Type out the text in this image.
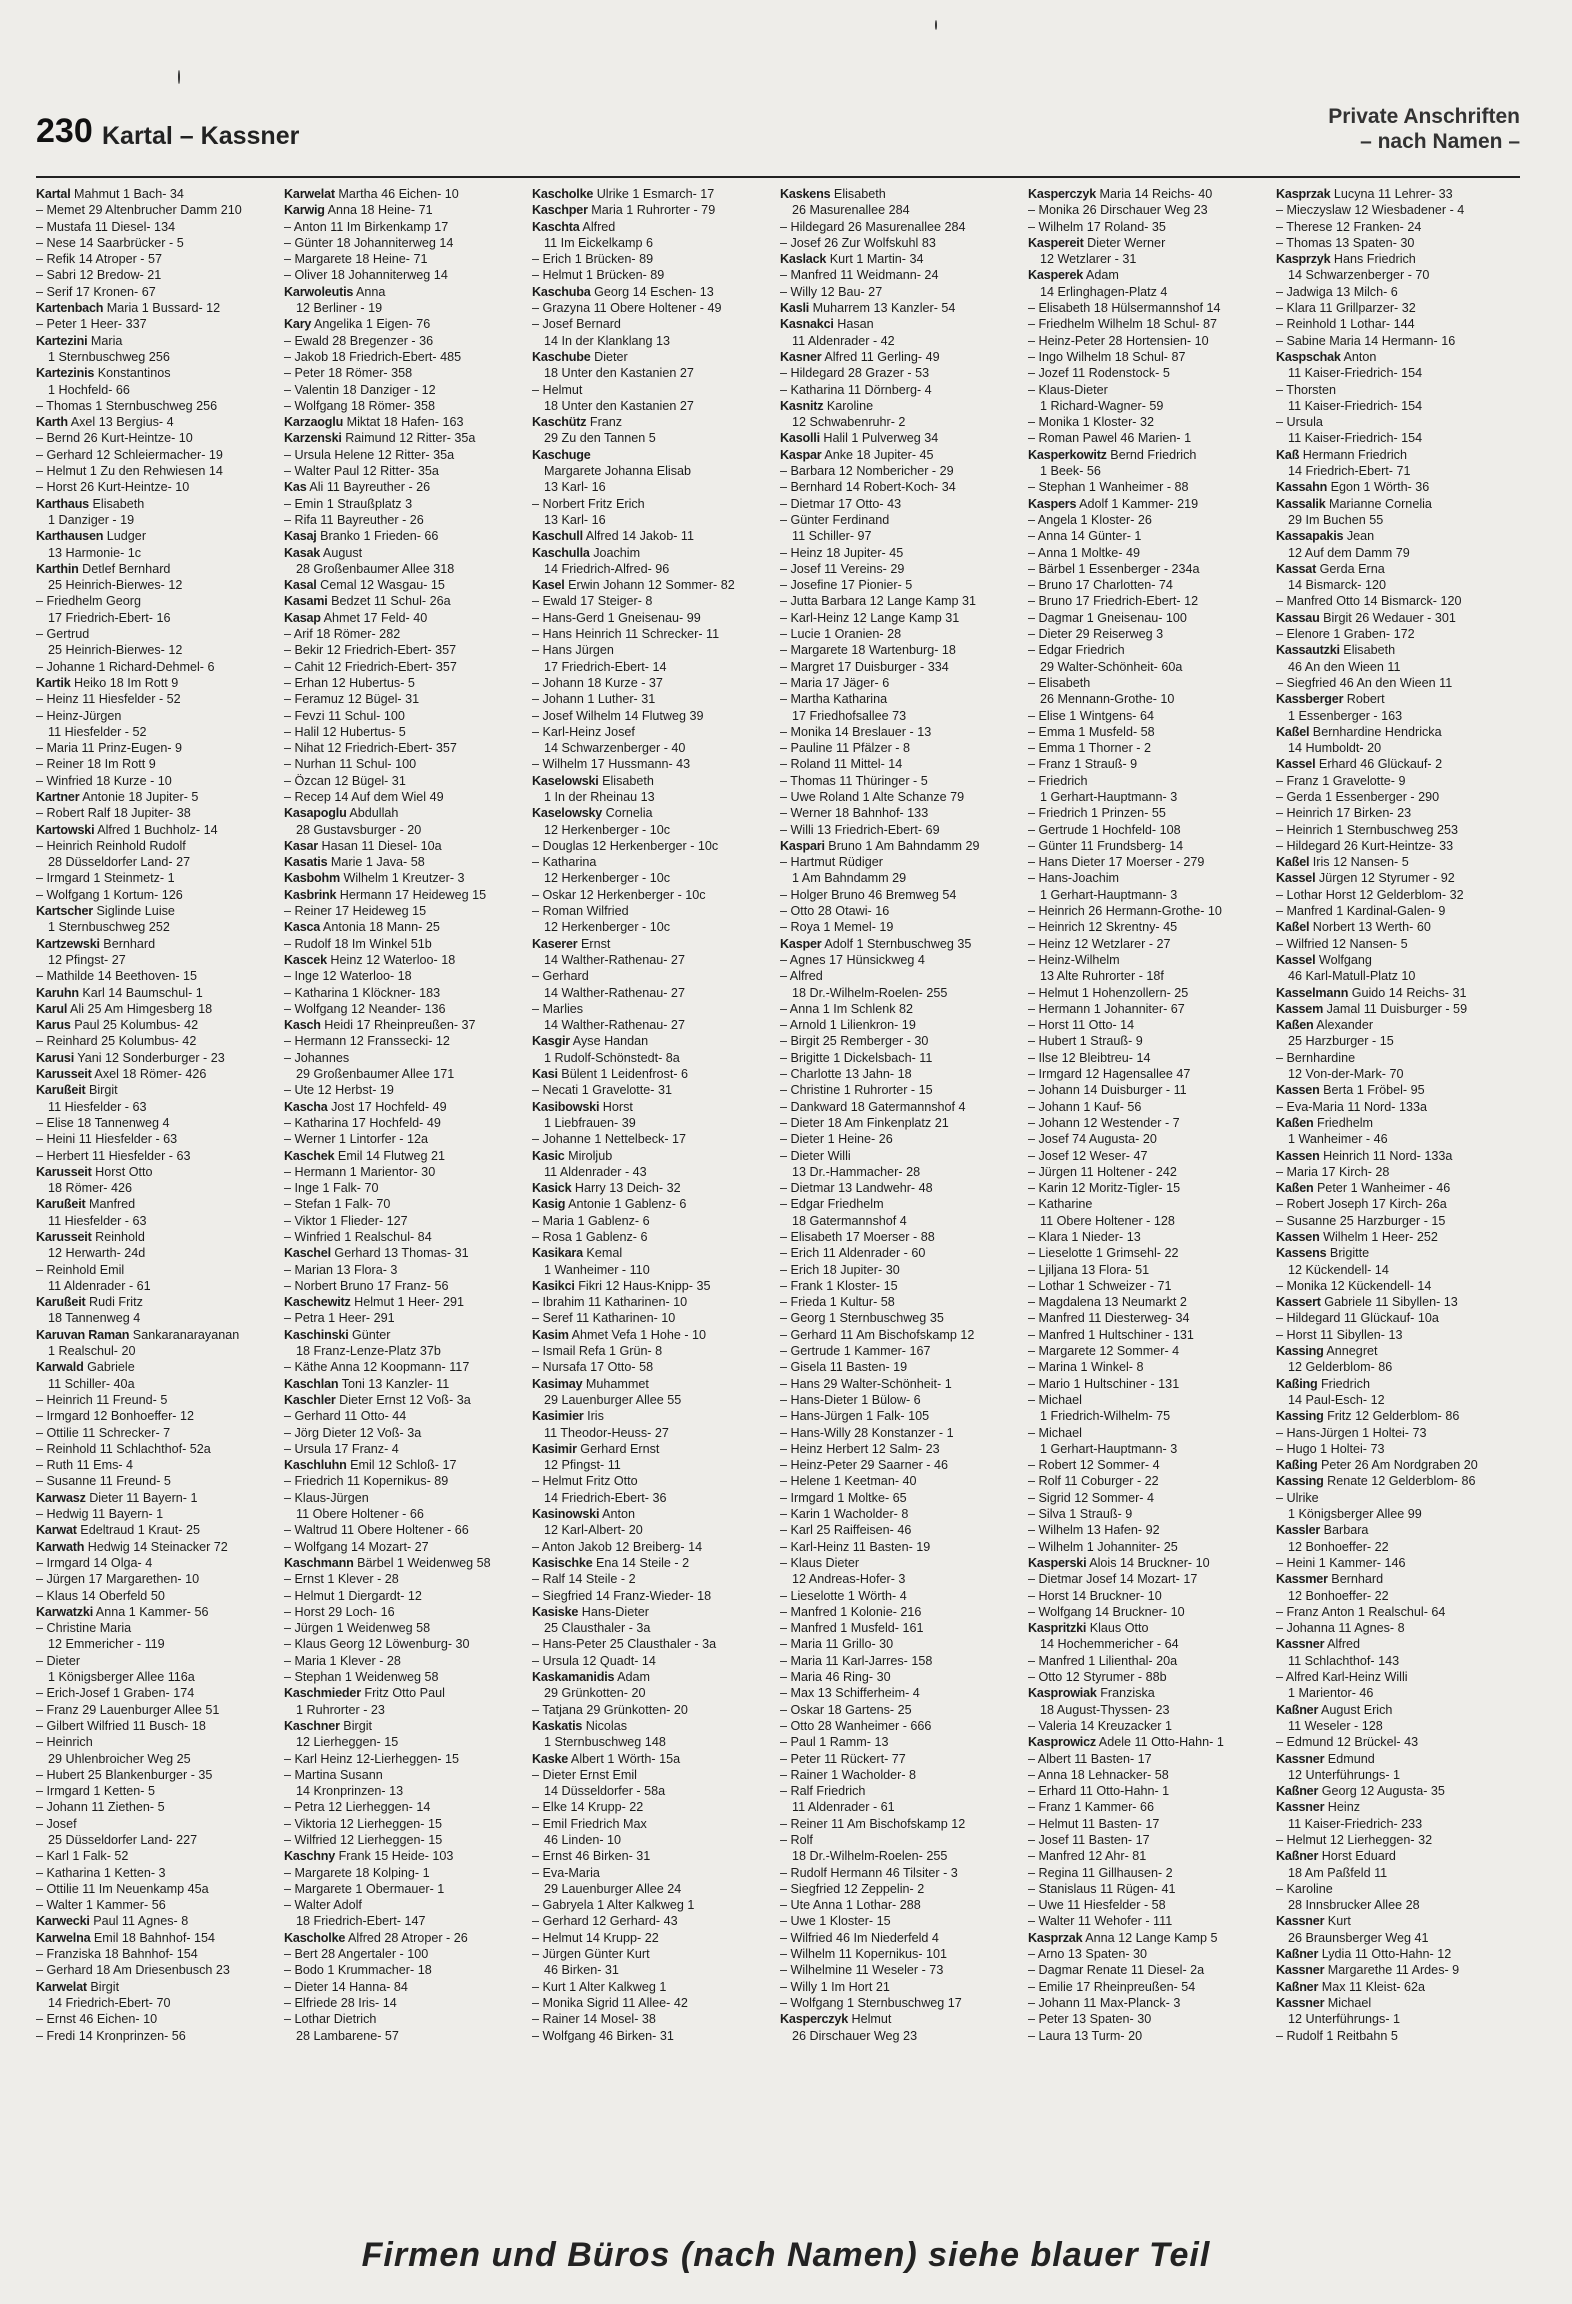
230 Kartal – Kassner
Private Anschriften
– nach Namen –
Kartal Mahmut 1 Bach- 34
– Memet 29 Altenbrucher Damm 210
– Mustafa 11 Diesel- 134
– Nese 14 Saarbrücker - 5
– Refik 14 Atroper - 57
– Sabri 12 Bredow- 21
– Serif 17 Kronen- 67
Kartenbach Maria 1 Bussard- 12
– Peter 1 Heer- 337
Kartezini Maria
1 Sternbuschweg 256
Kartezinis Konstantinos
1 Hochfeld- 66
– Thomas 1 Sternbuschweg 256
Karth Axel 13 Bergius- 4
– Bernd 26 Kurt-Heintze- 10
– Gerhard 12 Schleiermacher- 19
– Helmut 1 Zu den Rehwiesen 14
– Horst 26 Kurt-Heintze- 10
Karthaus Elisabeth
1 Danziger - 19
Karthausen Ludger
13 Harmonie- 1c
Karthin Detlef Bernhard
25 Heinrich-Bierwes- 12
– Friedhelm Georg
17 Friedrich-Ebert- 16
– Gertrud
25 Heinrich-Bierwes- 12
– Johanne 1 Richard-Dehmel- 6
Kartik Heiko 18 Im Rott 9
– Heinz 11 Hiesfelder - 52
– Heinz-Jürgen
11 Hiesfelder - 52
– Maria 11 Prinz-Eugen- 9
– Reiner 18 Im Rott 9
– Winfried 18 Kurze - 10
Kartner Antonie 18 Jupiter- 5
– Robert Ralf 18 Jupiter- 38
Kartowski Alfred 1 Buchholz- 14
– Heinrich Reinhold Rudolf
28 Düsseldorfer Land- 27
– Irmgard 1 Steinmetz- 1
– Wolfgang 1 Kortum- 126
Kartscher Siglinde Luise
1 Sternbuschweg 252
Kartzewski Bernhard
12 Pfingst- 27
– Mathilde 14 Beethoven- 15
Karuhn Karl 14 Baumschul- 1
Karul Ali 25 Am Himgesberg 18
Karus Paul 25 Kolumbus- 42
– Reinhard 25 Kolumbus- 42
Karusi Yani 12 Sonderburger - 23
Karusseit Axel 18 Römer- 426
Karußeit Birgit
11 Hiesfelder - 63
– Elise 18 Tannenweg 4
– Heini 11 Hiesfelder - 63
– Herbert 11 Hiesfelder - 63
Karusseit Horst Otto
18 Römer- 426
Karußeit Manfred
11 Hiesfelder - 63
Karusseit Reinhold
12 Herwarth- 24d
– Reinhold Emil
11 Aldenrader - 61
Karußeit Rudi Fritz
18 Tannenweg 4
Karuvan Raman Sankaranarayanan
1 Realschul- 20
Karwald Gabriele
11 Schiller- 40a
– Heinrich 11 Freund- 5
– Irmgard 12 Bonhoeffer- 12
– Ottilie 11 Schrecker- 7
– Reinhold 11 Schlachthof- 52a
– Ruth 11 Ems- 4
– Susanne 11 Freund- 5
Karwasz Dieter 11 Bayern- 1
– Hedwig 11 Bayern- 1
Karwat Edeltraud 1 Kraut- 25
Karwath Hedwig 14 Steinacker 72
– Irmgard 14 Olga- 4
– Jürgen 17 Margarethen- 10
– Klaus 14 Oberfeld 50
Karwatzki Anna 1 Kammer- 56
– Christine Maria
12 Emmericher - 119
– Dieter
1 Königsberger Allee 116a
– Erich-Josef 1 Graben- 174
– Franz 29 Lauenburger Allee 51
– Gilbert Wilfried 11 Busch- 18
– Heinrich
29 Uhlenbroicher Weg 25
– Hubert 25 Blankenburger - 35
– Irmgard 1 Ketten- 5
– Johann 11 Ziethen- 5
– Josef
25 Düsseldorfer Land- 227
– Karl 1 Falk- 52
– Katharina 1 Ketten- 3
– Ottilie 11 Im Neuenkamp 45a
– Walter 1 Kammer- 56
Karwecki Paul 11 Agnes- 8
Karwelna Emil 18 Bahnhof- 154
– Franziska 18 Bahnhof- 154
– Gerhard 18 Am Driesenbusch 23
Karwelat Birgit
14 Friedrich-Ebert- 70
– Ernst 46 Eichen- 10
– Fredi 14 Kronprinzen- 56
Karwelat Martha 46 Eichen- 10
Karwig Anna 18 Heine- 71
– Anton 11 Im Birkenkamp 17
– Günter 18 Johanniterweg 14
– Margarete 18 Heine- 71
– Oliver 18 Johanniterweg 14
Karwoleutis Anna
12 Berliner - 19
Kary Angelika 1 Eigen- 76
– Ewald 28 Bregenzer - 36
– Jakob 18 Friedrich-Ebert- 485
– Peter 18 Römer- 358
– Valentin 18 Danziger - 12
– Wolfgang 18 Römer- 358
Karzaoglu Miktat 18 Hafen- 163
Karzenski Raimund 12 Ritter- 35a
– Ursula Helene 12 Ritter- 35a
– Walter Paul 12 Ritter- 35a
Kas Ali 11 Bayreuther - 26
– Emin 1 Straußplatz 3
– Rifa 11 Bayreuther - 26
Kasaj Branko 1 Frieden- 66
Kasak August
28 Großenbaumer Allee 318
Kasal Cemal 12 Wasgau- 15
Kasami Bedzet 11 Schul- 26a
Kasap Ahmet 17 Feld- 40
– Arif 18 Römer- 282
– Bekir 12 Friedrich-Ebert- 357
– Cahit 12 Friedrich-Ebert- 357
– Erhan 12 Hubertus- 5
– Feramuz 12 Bügel- 31
– Fevzi 11 Schul- 100
– Halil 12 Hubertus- 5
– Nihat 12 Friedrich-Ebert- 357
– Nurhan 11 Schul- 100
– Özcan 12 Bügel- 31
– Recep 14 Auf dem Wiel 49
Kasapoglu Abdullah
28 Gustavsburger - 20
Kasar Hasan 11 Diesel- 10a
Kasatis Marie 1 Java- 58
Kasbohm Wilhelm 1 Kreutzer- 3
Kasbrink Hermann 17 Heideweg 15
– Reiner 17 Heideweg 15
Kasca Antonia 18 Mann- 25
– Rudolf 18 Im Winkel 51b
Kascek Heinz 12 Waterloo- 18
– Inge 12 Waterloo- 18
– Katharina 1 Klöckner- 183
– Wolfgang 12 Neander- 136
Kasch Heidi 17 Rheinpreußen- 37
– Hermann 12 Franssecki- 12
– Johannes
29 Großenbaumer Allee 171
– Ute 12 Herbst- 19
Kascha Jost 17 Hochfeld- 49
– Katharina 17 Hochfeld- 49
– Werner 1 Lintorfer - 12a
Kaschek Emil 14 Flutweg 21
– Hermann 1 Marientor- 30
– Inge 1 Falk- 70
– Stefan 1 Falk- 70
– Viktor 1 Flieder- 127
– Winfried 1 Realschul- 84
Kaschel Gerhard 13 Thomas- 31
– Marian 13 Flora- 3
– Norbert Bruno 17 Franz- 56
Kaschewitz Helmut 1 Heer- 291
– Petra 1 Heer- 291
Kaschinski Günter
18 Franz-Lenze-Platz 37b
– Käthe Anna 12 Koopmann- 117
Kaschlan Toni 13 Kanzler- 11
Kaschler Dieter Ernst 12 Voß- 3a
– Gerhard 11 Otto- 44
– Jörg Dieter 12 Voß- 3a
– Ursula 17 Franz- 4
Kaschluhn Emil 12 Schloß- 17
– Friedrich 11 Kopernikus- 89
– Klaus-Jürgen
11 Obere Holtener - 66
– Waltrud 11 Obere Holtener - 66
– Wolfgang 14 Mozart- 27
Kaschmann Bärbel 1 Weidenweg 58
– Ernst 1 Klever - 28
– Helmut 1 Diergardt- 12
– Horst 29 Loch- 16
– Jürgen 1 Weidenweg 58
– Klaus Georg 12 Löwenburg- 30
– Maria 1 Klever - 28
– Stephan 1 Weidenweg 58
Kaschmieder Fritz Otto Paul
1 Ruhrorter - 23
Kaschner Birgit
12 Lierheggen- 15
– Karl Heinz 12-Lierheggen- 15
– Martina Susann
14 Kronprinzen- 13
– Petra 12 Lierheggen- 14
– Viktoria 12 Lierheggen- 15
– Wilfried 12 Lierheggen- 15
Kaschny Frank 15 Heide- 103
– Margarete 18 Kolping- 1
– Margarete 1 Obermauer- 1
– Walter Adolf
18 Friedrich-Ebert- 147
Kascholke Alfred 28 Atroper - 26
– Bert 28 Angertaler - 100
– Bodo 1 Krummacher- 18
– Dieter 14 Hanna- 84
– Elfriede 28 Iris- 14
– Lothar Dietrich
28 Lambarene- 57
Kascholke Ulrike 1 Esmarch- 17
Kaschper Maria 1 Ruhrorter - 79
Kaschta Alfred
11 Im Eickelkamp 6
– Erich 1 Brücken- 89
– Helmut 1 Brücken- 89
Kaschuba Georg 14 Eschen- 13
– Grazyna 11 Obere Holtener - 49
– Josef Bernard
14 In der Klanklang 13
Kaschube Dieter
18 Unter den Kastanien 27
– Helmut
18 Unter den Kastanien 27
Kaschütz Franz
29 Zu den Tannen 5
Kaschuge
Margarete Johanna Elisab
13 Karl- 16
– Norbert Fritz Erich
13 Karl- 16
Kaschull Alfred 14 Jakob- 11
Kaschulla Joachim
14 Friedrich-Alfred- 96
Kasel Erwin Johann 12 Sommer- 82
– Ewald 17 Steiger- 8
– Hans-Gerd 1 Gneisenau- 99
– Hans Heinrich 11 Schrecker- 11
– Hans Jürgen
17 Friedrich-Ebert- 14
– Johann 18 Kurze - 37
– Johann 1 Luther- 31
– Josef Wilhelm 14 Flutweg 39
– Karl-Heinz Josef
14 Schwarzenberger - 40
– Wilhelm 17 Hussmann- 43
Kaselowski Elisabeth
1 In der Rheinau 13
Kaselowsky Cornelia
12 Herkenberger - 10c
– Douglas 12 Herkenberger - 10c
– Katharina
12 Herkenberger - 10c
– Oskar 12 Herkenberger - 10c
– Roman Wilfried
12 Herkenberger - 10c
Kaserer Ernst
14 Walther-Rathenau- 27
– Gerhard
14 Walther-Rathenau- 27
– Marlies
14 Walther-Rathenau- 27
Kasgir Ayse Handan
1 Rudolf-Schönstedt- 8a
Kasi Bülent 1 Leidenfrost- 6
– Necati 1 Gravelotte- 31
Kasibowski Horst
1 Liebfrauen- 39
– Johanne 1 Nettelbeck- 17
Kasic Miroljub
11 Aldenrader - 43
Kasick Harry 13 Deich- 32
Kasig Antonie 1 Gablenz- 6
– Maria 1 Gablenz- 6
– Rosa 1 Gablenz- 6
Kasikara Kemal
1 Wanheimer - 110
Kasikci Fikri 12 Haus-Knipp- 35
– Ibrahim 11 Katharinen- 10
– Seref 11 Katharinen- 10
Kasim Ahmet Vefa 1 Hohe - 10
– Ismail Refa 1 Grün- 8
– Nursafa 17 Otto- 58
Kasimay Muhammet
29 Lauenburger Allee 55
Kasimier Iris
11 Theodor-Heuss- 27
Kasimir Gerhard Ernst
12 Pfingst- 11
– Helmut Fritz Otto
14 Friedrich-Ebert- 36
Kasinowski Anton
12 Karl-Albert- 20
– Anton Jakob 12 Breiberg- 14
Kasischke Ena 14 Steile - 2
– Ralf 14 Steile - 2
– Siegfried 14 Franz-Wieder- 18
Kasiske Hans-Dieter
25 Clausthaler - 3a
– Hans-Peter 25 Clausthaler - 3a
– Ursula 12 Quadt- 14
Kaskamanidis Adam
29 Grünkotten- 20
– Tatjana 29 Grünkotten- 20
Kaskatis Nicolas
1 Sternbuschweg 148
Kaske Albert 1 Wörth- 15a
– Dieter Ernst Emil
14 Düsseldorfer - 58a
– Elke 14 Krupp- 22
– Emil Friedrich Max
46 Linden- 10
– Ernst 46 Birken- 31
– Eva-Maria
29 Lauenburger Allee 24
– Gabryela 1 Alter Kalkweg 1
– Gerhard 12 Gerhard- 43
– Helmut 14 Krupp- 22
– Jürgen Günter Kurt
46 Birken- 31
– Kurt 1 Alter Kalkweg 1
– Monika Sigrid 11 Allee- 42
– Rainer 14 Mosel- 38
– Wolfgang 46 Birken- 31
Kaskens Elisabeth
26 Masurenallee 284
– Hildegard 26 Masurenallee 284
– Josef 26 Zur Wolfskuhl 83
Kaslack Kurt 1 Martin- 34
– Manfred 11 Weidmann- 24
– Willy 12 Bau- 27
Kasli Muharrem 13 Kanzler- 54
Kasnakci Hasan
11 Aldenrader - 42
Kasner Alfred 11 Gerling- 49
– Hildegard 28 Grazer - 53
– Katharina 11 Dörnberg- 4
Kasnitz Karoline
12 Schwabenruhr- 2
Kasolli Halil 1 Pulverweg 34
Kaspar Anke 18 Jupiter- 45
– Barbara 12 Nombericher - 29
– Bernhard 14 Robert-Koch- 34
– Dietmar 17 Otto- 43
– Günter Ferdinand
11 Schiller- 97
– Heinz 18 Jupiter- 45
– Josef 11 Vereins- 29
– Josefine 17 Pionier- 5
– Jutta Barbara 12 Lange Kamp 31
– Karl-Heinz 12 Lange Kamp 31
– Lucie 1 Oranien- 28
– Margarete 18 Wartenburg- 18
– Margret 17 Duisburger - 334
– Maria 17 Jäger- 6
– Martha Katharina
17 Friedhofsallee 73
– Monika 14 Breslauer - 13
– Pauline 11 Pfälzer - 8
– Roland 11 Mittel- 14
– Thomas 11 Thüringer - 5
– Uwe Roland 1 Alte Schanze 79
– Werner 18 Bahnhof- 133
– Willi 13 Friedrich-Ebert- 69
Kaspari Bruno 1 Am Bahndamm 29
– Hartmut Rüdiger
1 Am Bahndamm 29
– Holger Bruno 46 Bremweg 54
– Otto 28 Otawi- 16
– Roya 1 Memel- 19
Kasper Adolf 1 Sternbuschweg 35
– Agnes 17 Hünsickweg 4
– Alfred
18 Dr.-Wilhelm-Roelen- 255
– Anna 1 Im Schlenk 82
– Arnold 1 Lilienkron- 19
– Birgit 25 Remberger - 30
– Brigitte 1 Dickelsbach- 11
– Charlotte 13 Jahn- 18
– Christine 1 Ruhrorter - 15
– Dankward 18 Gatermannshof 4
– Dieter 18 Am Finkenplatz 21
– Dieter 1 Heine- 26
– Dieter Willi
13 Dr.-Hammacher- 28
– Dietmar 13 Landwehr- 48
– Edgar Friedhelm
18 Gatermannshof 4
– Elisabeth 17 Moerser - 88
– Erich 11 Aldenrader - 60
– Erich 18 Jupiter- 30
– Frank 1 Kloster- 15
– Frieda 1 Kultur- 58
– Georg 1 Sternbuschweg 35
– Gerhard 11 Am Bischofskamp 12
– Gertrude 1 Kammer- 167
– Gisela 11 Basten- 19
– Hans 29 Walter-Schönheit- 1
– Hans-Dieter 1 Bülow- 6
– Hans-Jürgen 1 Falk- 105
– Hans-Willy 28 Konstanzer - 1
– Heinz Herbert 12 Salm- 23
– Heinz-Peter 29 Saarner - 46
– Helene 1 Keetman- 40
– Irmgard 1 Moltke- 65
– Karin 1 Wacholder- 8
– Karl 25 Raiffeisen- 46
– Karl-Heinz 11 Basten- 19
– Klaus Dieter
12 Andreas-Hofer- 3
– Lieselotte 1 Wörth- 4
– Manfred 1 Kolonie- 216
– Manfred 1 Musfeld- 161
– Maria 11 Grillo- 30
– Maria 11 Karl-Jarres- 158
– Maria 46 Ring- 30
– Max 13 Schifferheim- 4
– Oskar 18 Gartens- 25
– Otto 28 Wanheimer - 666
– Paul 1 Ramm- 13
– Peter 11 Rückert- 77
– Rainer 1 Wacholder- 8
– Ralf Friedrich
11 Aldenrader - 61
– Reiner 11 Am Bischofskamp 12
– Rolf
18 Dr.-Wilhelm-Roelen- 255
– Rudolf Hermann 46 Tilsiter - 3
– Siegfried 12 Zeppelin- 2
– Ute Anna 1 Lothar- 288
– Uwe 1 Kloster- 15
– Wilfried 46 Im Niederfeld 4
– Wilhelm 11 Kopernikus- 101
– Wilhelmine 11 Weseler - 73
– Willy 1 Im Hort 21
– Wolfgang 1 Sternbuschweg 17
Kasperczyk Helmut
26 Dirschauer Weg 23
Kasperczyk Maria 14 Reichs- 40
– Monika 26 Dirschauer Weg 23
– Wilhelm 17 Roland- 35
Kaspereit Dieter Werner
12 Wetzlarer - 31
Kasperek Adam
14 Erlinghagen-Platz 4
– Elisabeth 18 Hülsermannshof 14
– Friedhelm Wilhelm 18 Schul- 87
– Heinz-Peter 28 Hortensien- 10
– Ingo Wilhelm 18 Schul- 87
– Jozef 11 Rodenstock- 5
– Klaus-Dieter
1 Richard-Wagner- 59
– Monika 1 Kloster- 32
– Roman Pawel 46 Marien- 1
Kasperkowitz Bernd Friedrich
1 Beek- 56
– Stephan 1 Wanheimer - 88
Kaspers Adolf 1 Kammer- 219
– Angela 1 Kloster- 26
– Anna 14 Günter- 1
– Anna 1 Moltke- 49
– Bärbel 1 Essenberger - 234a
– Bruno 17 Charlotten- 74
– Bruno 17 Friedrich-Ebert- 12
– Dagmar 1 Gneisenau- 100
– Dieter 29 Reiserweg 3
– Edgar Friedrich
29 Walter-Schönheit- 60a
– Elisabeth
26 Mennann-Grothe- 10
– Elise 1 Wintgens- 64
– Emma 1 Musfeld- 58
– Emma 1 Thorner - 2
– Franz 1 Strauß- 9
– Friedrich
1 Gerhart-Hauptmann- 3
– Friedrich 1 Prinzen- 55
– Gertrude 1 Hochfeld- 108
– Günter 11 Frundsberg- 14
– Hans Dieter 17 Moerser - 279
– Hans-Joachim
1 Gerhart-Hauptmann- 3
– Heinrich 26 Hermann-Grothe- 10
– Heinrich 12 Skrentny- 45
– Heinz 12 Wetzlarer - 27
– Heinz-Wilhelm
13 Alte Ruhrorter - 18f
– Helmut 1 Hohenzollern- 25
– Hermann 1 Johanniter- 67
– Horst 11 Otto- 14
– Hubert 1 Strauß- 9
– Ilse 12 Bleibtreu- 14
– Irmgard 12 Hagensallee 47
– Johann 14 Duisburger - 11
– Johann 1 Kauf- 56
– Johann 12 Westender - 7
– Josef 74 Augusta- 20
– Josef 12 Weser- 47
– Jürgen 11 Holtener - 242
– Karin 12 Moritz-Tigler- 15
– Katharine
11 Obere Holtener - 128
– Klara 1 Nieder- 13
– Lieselotte 1 Grimsehl- 22
– Ljiljana 13 Flora- 51
– Lothar 1 Schweizer - 71
– Magdalena 13 Neumarkt 2
– Manfred 11 Diesterweg- 34
– Manfred 1 Hultschiner - 131
– Margarete 12 Sommer- 4
– Marina 1 Winkel- 8
– Mario 1 Hultschiner - 131
– Michael
1 Friedrich-Wilhelm- 75
– Michael
1 Gerhart-Hauptmann- 3
– Robert 12 Sommer- 4
– Rolf 11 Coburger - 22
– Sigrid 12 Sommer- 4
– Silva 1 Strauß- 9
– Wilhelm 13 Hafen- 92
– Wilhelm 1 Johanniter- 25
Kasperski Alois 14 Bruckner- 10
– Dietmar Josef 14 Mozart- 17
– Horst 14 Bruckner- 10
– Wolfgang 14 Bruckner- 10
Kaspritzki Klaus Otto
14 Hochemmericher - 64
– Manfred 1 Lilienthal- 20a
– Otto 12 Styrumer - 88b
Kasprowiak Franziska
18 August-Thyssen- 23
– Valeria 14 Kreuzacker 1
Kasprowicz Adele 11 Otto-Hahn- 1
– Albert 11 Basten- 17
– Anna 18 Lehnacker- 58
– Erhard 11 Otto-Hahn- 1
– Franz 1 Kammer- 66
– Helmut 11 Basten- 17
– Josef 11 Basten- 17
– Manfred 12 Ahr- 81
– Regina 11 Gillhausen- 2
– Stanislaus 11 Rügen- 41
– Uwe 11 Hiesfelder - 58
– Walter 11 Wehofer - 111
Kasprzak Anna 12 Lange Kamp 5
– Arno 13 Spaten- 30
– Dagmar Renate 11 Diesel- 2a
– Emilie 17 Rheinpreußen- 54
– Johann 11 Max-Planck- 3
– Peter 13 Spaten- 30
– Laura 13 Turm- 20
Kasprzak Lucyna 11 Lehrer- 33
– Mieczyslaw 12 Wiesbadener - 4
– Therese 12 Franken- 24
– Thomas 13 Spaten- 30
Kasprzyk Hans Friedrich
14 Schwarzenberger - 70
– Jadwiga 13 Milch- 6
– Klara 11 Grillparzer- 32
– Reinhold 1 Lothar- 144
– Sabine Maria 14 Hermann- 16
Kaspschak Anton
11 Kaiser-Friedrich- 154
– Thorsten
11 Kaiser-Friedrich- 154
– Ursula
11 Kaiser-Friedrich- 154
Kaß Hermann Friedrich
14 Friedrich-Ebert- 71
Kassahn Egon 1 Wörth- 36
Kassalik Marianne Cornelia
29 Im Buchen 55
Kassapakis Jean
12 Auf dem Damm 79
Kassat Gerda Erna
14 Bismarck- 120
– Manfred Otto 14 Bismarck- 120
Kassau Birgit 26 Wedauer - 301
– Elenore 1 Graben- 172
Kassautzki Elisabeth
46 An den Wieen 11
– Siegfried 46 An den Wieen 11
Kassberger Robert
1 Essenberger - 163
Kaßel Bernhardine Hendricka
14 Humboldt- 20
Kassel Erhard 46 Glückauf- 2
– Franz 1 Gravelotte- 9
– Gerda 1 Essenberger - 290
– Heinrich 17 Birken- 23
– Heinrich 1 Sternbuschweg 253
– Hildegard 26 Kurt-Heintze- 33
Kaßel Iris 12 Nansen- 5
Kassel Jürgen 12 Styrumer - 92
– Lothar Horst 12 Gelderblom- 32
– Manfred 1 Kardinal-Galen- 9
Kaßel Norbert 13 Werth- 60
– Wilfried 12 Nansen- 5
Kassel Wolfgang
46 Karl-Matull-Platz 10
Kasselmann Guido 14 Reichs- 31
Kassem Jamal 11 Duisburger - 59
Kaßen Alexander
25 Harzburger - 15
– Bernhardine
12 Von-der-Mark- 70
Kassen Berta 1 Fröbel- 95
– Eva-Maria 11 Nord- 133a
Kaßen Friedhelm
1 Wanheimer - 46
Kassen Heinrich 11 Nord- 133a
– Maria 17 Kirch- 28
Kaßen Peter 1 Wanheimer - 46
– Robert Joseph 17 Kirch- 26a
– Susanne 25 Harzburger - 15
Kassen Wilhelm 1 Heer- 252
Kassens Brigitte
12 Kückendell- 14
– Monika 12 Kückendell- 14
Kassert Gabriele 11 Sibyllen- 13
– Hildegard 11 Glückauf- 10a
– Horst 11 Sibyllen- 13
Kassing Annegret
12 Gelderblom- 86
Kaßing Friedrich
14 Paul-Esch- 12
Kassing Fritz 12 Gelderblom- 86
– Hans-Jürgen 1 Holtei- 73
– Hugo 1 Holtei- 73
Kaßing Peter 26 Am Nordgraben 20
Kassing Renate 12 Gelderblom- 86
– Ulrike
1 Königsberger Allee 99
Kassler Barbara
12 Bonhoeffer- 22
– Heini 1 Kammer- 146
Kassmer Bernhard
12 Bonhoeffer- 22
– Franz Anton 1 Realschul- 64
– Johanna 11 Agnes- 8
Kassner Alfred
11 Schlachthof- 143
– Alfred Karl-Heinz Willi
1 Marientor- 46
Kaßner August Erich
11 Weseler - 128
– Edmund 12 Brückel- 43
Kassner Edmund
12 Unterführungs- 1
Kaßner Georg 12 Augusta- 35
Kassner Heinz
11 Kaiser-Friedrich- 233
– Helmut 12 Lierheggen- 32
Kaßner Horst Eduard
18 Am Paßfeld 11
– Karoline
28 Innsbrucker Allee 28
Kassner Kurt
26 Braunsberger Weg 41
Kaßner Lydia 11 Otto-Hahn- 12
Kassner Margarethe 11 Ardes- 9
Kaßner Max 11 Kleist- 62a
Kassner Michael
12 Unterführungs- 1
– Rudolf 1 Reitbahn 5
Firmen und Büros (nach Namen) siehe blauer Teil
